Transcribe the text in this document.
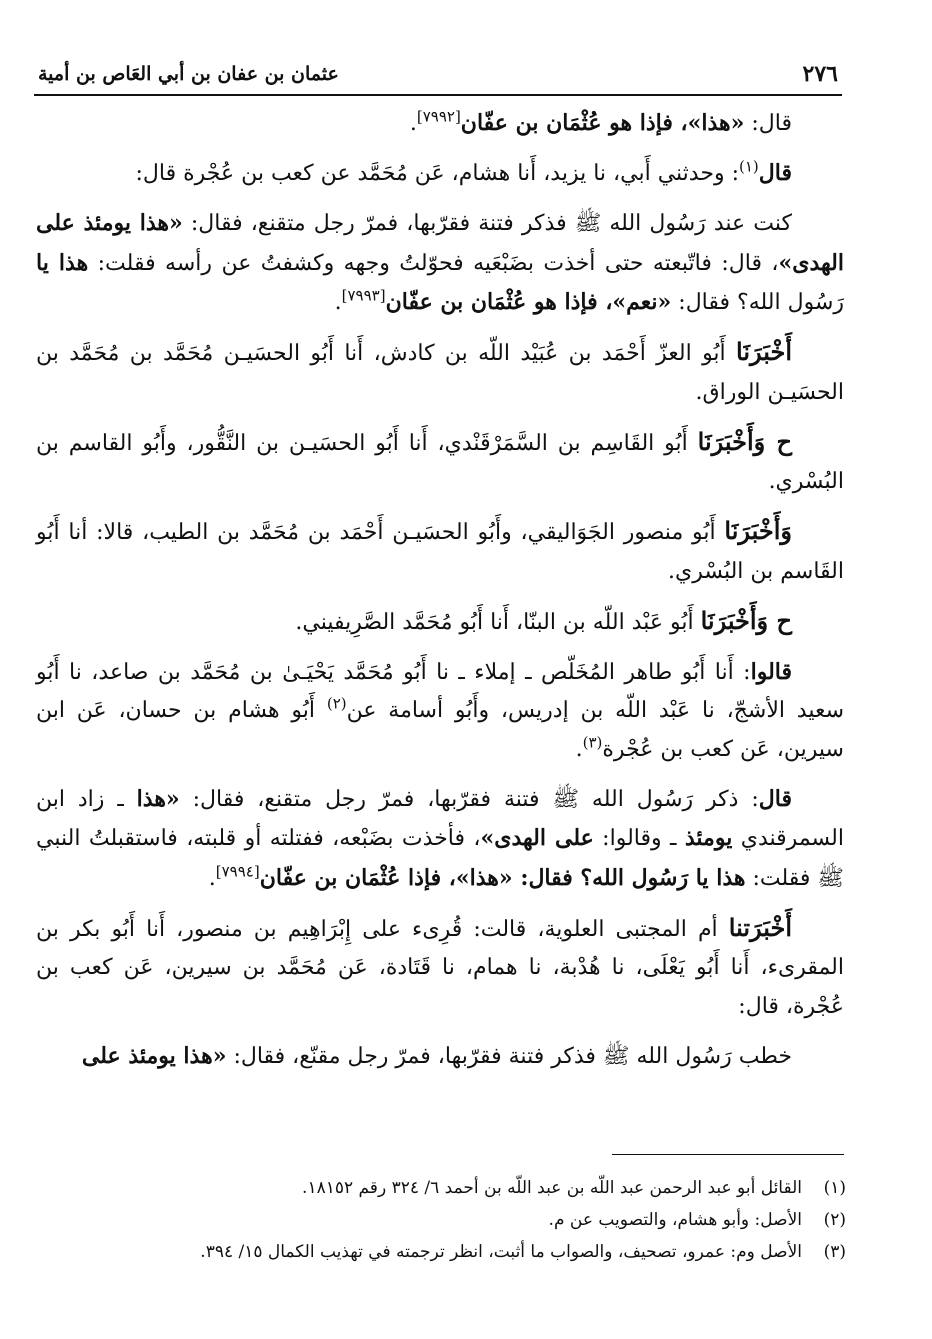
٢٧٦
عثمان بن عفان بن أبي العَاص بن أمية

قال: «هذا»، فإذا هو عُثْمَان بن عفّان[٧٩٩٢].

قال$^{(١)}$: وحدثني أَبي، نا يزيد، أَنا هشام، عَن مُحَمَّد عن كعب بن عُجْرة قال:

كنت عند رَسُول الله ﷺ فذكر فتنة فقرّبها، فمرّ رجل متقنع، فقال: «هذا يومئذ على الهدى»، قال: فاتّبعته حتى أخذت بضَبْعَيه فحوّلتُ وجهه وكشفتُ عن رأسه فقلت: هذا يا رَسُول الله؟ فقال: «نعم»، فإذا هو عُثْمَان بن عفّان[٧٩٩٣].

أَخْبَرَنَا أَبُو العزّ أَحْمَد بن عُبَيْد اللّه بن كادش، أَنا أَبُو الحسَيـن مُحَمَّد بن مُحَمَّد بن الحسَيـن الوراق.

ح وَأَخْبَرَنَا أَبُو القَاسِم بن السَّمَرْقَنْدي، أَنا أَبُو الحسَيـن بن النَّقُّور، وأَبُو القاسم بن البُسْري.

وَأَخْبَرَنَا أَبُو منصور الجَوَاليقي، وأَبُو الحسَيـن أَحْمَد بن مُحَمَّد بن الطيب، قالا: أنا أَبُو القَاسم بن البُسْري.

ح وَأَخْبَرَنَا أَبُو عَبْد اللّه بن البنّا، أَنا أَبُو مُحَمَّد الصَّرِيفيني.

قالوا: أَنا أَبُو طاهر المُخَلّص ـ إملاء ـ نا أَبُو مُحَمَّد يَحْيَـىٰ بن مُحَمَّد بن صاعد، نا أَبُو سعيد الأشجّ، نا عَبْد اللّه بن إدريس، وأَبُو أسامة عن$^{(٢)}$ أَبُو هشام بن حسان، عَن ابن سيرين، عَن كعب بن عُجْرة$^{(٣)}$.

قال: ذكر رَسُول الله ﷺ فتنة فقرّبها، فمرّ رجل متقنع، فقال: «هذا ـ زاد ابن السمرقندي يومئذ ـ وقالوا: على الهدى»، فأخذت بضَبْعه، ففتلته أو قلبته، فاستقبلتُ النبي ﷺ فقلت: هذا يا رَسُول الله؟ فقال: «هذا»، فإذا عُثْمَان بن عفّان[٧٩٩٤].

أَخْبَرَتنا أم المجتبى العلوية، قالت: قُرِىء على إِبْرَاهِيم بن منصور، أَنا أَبُو بكر بن المقرىء، أَنا أَبُو يَعْلَى، نا هُدْبة، نا همام، نا قَتَادة، عَن مُحَمَّد بن سيرين، عَن كعب بن عُجْرة، قال:

خطب رَسُول الله ﷺ فذكر فتنة فقرّبها، فمرّ رجل مقنّع، فقال: «هذا يومئذ على

(١)
القائل أبو عبد الرحمن عبد اللّه بن عبد اللّه بن أحمد ٦/ ٣٢٤ رقم ١٨١٥٢.
(٢)
الأصل: وأبو هشام، والتصويب عن م.
(٣)
الأصل وم: عمرو، تصحيف، والصواب ما أثبت، انظر ترجمته في تهذيب الكمال ١٥/ ٣٩٤.
